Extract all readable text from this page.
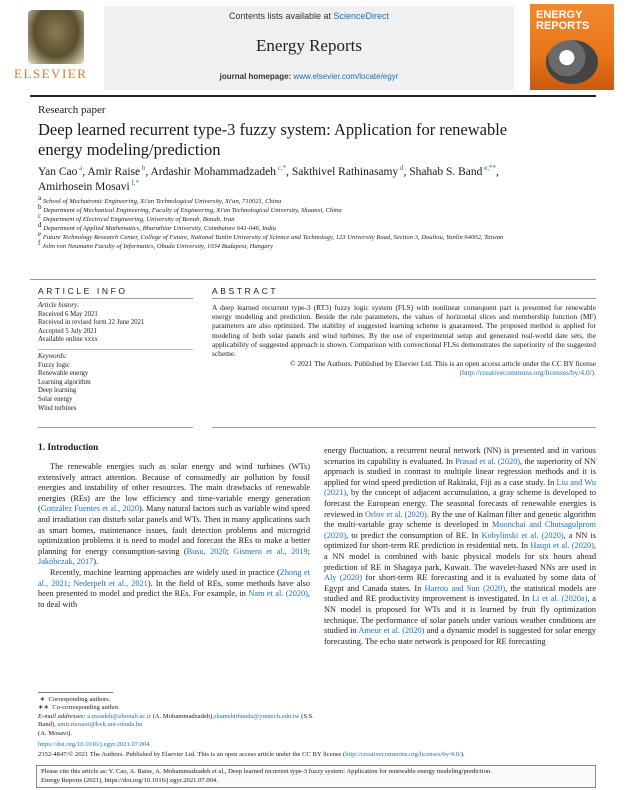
ELSEVIER
Contents lists available at ScienceDirect
Energy Reports
journal homepage: www.elsevier.com/locate/egyr
ENERGY
REPORTS
Research paper
Deep learned recurrent type-3 fuzzy system: Application for renewable energy modeling/prediction
Yan Cao $^a$, Amir Raise $^b$, Ardashir Mohammadzadeh $^{c,*}$, Sakthivel Rathinasamy $^d$, Shahab S. Band $^{e,**}$, Amirhosein Mosavi $^{f,*}$
$^a$ School of Mechatronic Engineering, Xi'an Technological University, Xi'an, 710021, China
$^b$ Department of Mechanical Engineering, Faculty of Engineering, Xi'an Technological University, Shaanxi, China
$^c$ Department of Electrical Engineering, University of Bonab, Bonab, Iran
$^d$ Department of Applied Mathematics, Bharathiar University, Coimbatore 641-046, India
$^e$ Future Technology Research Center, College of Future, National Yunlin University of Science and Technology, 123 University Road, Section 3, Douliou, Yunlin 64002, Taiwan
$^f$ John von Neumann Faculty of Informatics, Obuda University, 1034 Budapest, Hungary
ARTICLE INFO
Article history:
Received 6 May 2021
Received in revised form 22 June 2021
Accepted 5 July 2021
Available online xxxx
Keywords:
Fuzzy logic
Renewable energy
Learning algorithm
Deep learning
Solar energy
Wind turbines
ABSTRACT
A deep learned recurrent type-3 (RT3) fuzzy logic system (FLS) with nonlinear consequent part is presented for renewable energy modeling and prediction. Beside the rule parameters, the values of horizontal slices and membership function (MF) parameters are also optimized. The stability of suggested learning scheme is guaranteed. The proposed method is applied for modeling of both solar panels and wind turbines. By the use of experimental setup and generated real-world date sets, the applicability of suggested approach is shown. Comparison with convectional FLSs demonstrates the superiority of the suggested scheme.
© 2021 The Authors. Published by Elsevier Ltd. This is an open access article under the CC BY license (http://creativecommons.org/licenses/by/4.0/).
1. Introduction

The renewable energies such as solar energy and wind turbines (WTs) extensively attract attention. Because of consumedly air pollution by fossil energies and instability of other resources. The main drawbacks of renewable energies (REs) are the low efficiency and time-variable energy generation (González Fuentes et al., 2020). Many natural factors such as variable wind speed and irradiation can disturb solar panels and WTs. Then in many applications such as smart homes, maintenance issues, fault detection problems and microgrid optimization problems it is need to model and forecast the REs to make a better planning for energy consumption-saving (Busu, 2020; Gismero et al., 2019; Jakóbczak, 2017).

Recently, machine learning approaches are widely used in practice (Zhong et al., 2021; Nederpelt et al., 2021). In the field of REs, some methods have also been presented to model and predict the REs. For example, in Nam et al. (2020), to deal with

∗  Corresponding authors.
∗∗  Co-corresponding author.
E-mail addresses: a.mzadeh@ubonab.ac.ir (A. Mohammadzadeh),shamshirbands@yuntech.edu.tw (S.S. Band), amir.mosavi@kvk.uni-obuda.hu
(A. Mosavi).

energy fluctuation, a recurrent neural network (NN) is presented and in various scenarios its capability is evaluated. In Prasad et al. (2020), the superiority of NN approach is studied in contrast to multiple linear regression methods and it is applied for wind speed prediction of Rakiraki, Fiji as a case study. In Liu and Wu (2021), by the concept of adjacent accumulation, a gray scheme is developed to forecast the European energy. The seasonal forecasts of renewable energies is reviewed in Orlov et al. (2020). By the use of Kalman filter and genetic algorithm the multi-variable gray scheme is developed in Moonchai and Chutsagulprom (2020), to predict the consumption of RE. In Kobylinski et al. (2020), a NN is optimized for short-term RE prediction in residential nets. In Haupt et al. (2020), a NN model is combined with basic physical models for six hours ahead prediction of RE in Shagaya park, Kuwait. The wavelet-based NNs are used in Aly (2020) for short-term RE forecasting and it is evaluated by some data of Egypt and Canada states. In Harrou and Sun (2020), the statistical models are studied and RE productivity improvement is investigated. In Li et al. (2020a), a NN model is proposed for WTs and it is learned by fruit fly optimization technique. The performance of solar panels under various weather conditions are studied in Ameur et al. (2020) and a dynamic model is suggested for solar energy forecasting. The echo state network is proposed for RE forecasting

https://doi.org/10.1016/j.egyr.2021.07.004
2352-4847/© 2021 The Authors. Published by Elsevier Ltd. This is an open access article under the CC BY license (http://creativecommons.org/licenses/by/4.0/).
Please cite this article as: Y. Cao, A. Raise, A. Mohammadzadeh et al., Deep learned recurrent type-3 fuzzy system: Application for renewable energy modeling/prediction.
Energy Reports (2021), https://doi.org/10.1016/j.egyr.2021.07.004.
